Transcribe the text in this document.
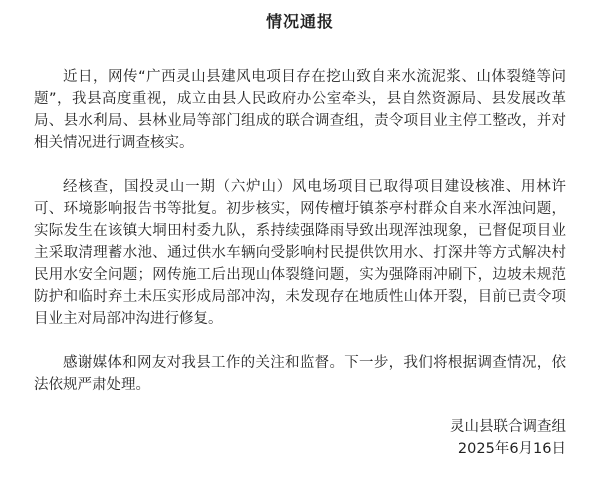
情况通报

近日，网传“广西灵山县建风电项目存在挖山致自来水流泥浆、山体裂缝等问题”，我县高度重视，成立由县人民政府办公室牵头，县自然资源局、县发展改革局、县水利局、县林业局等部门组成的联合调查组，责令项目业主停工整改，并对相关情况进行调查核实。

经核查，国投灵山一期（六炉山）风电场项目已取得项目建设核准、用林许可、环境影响报告书等批复。初步核实，网传檀圩镇茶亭村群众自来水浑浊问题，实际发生在该镇大垌田村委九队，系持续强降雨导致出现浑浊现象，已督促项目业主采取清理蓄水池、通过供水车辆向受影响村民提供饮用水、打深井等方式解决村民用水安全问题；网传施工后出现山体裂缝问题，实为强降雨冲刷下，边坡未规范防护和临时弃土未压实形成局部冲沟，未发现存在地质性山体开裂，目前已责令项目业主对局部冲沟进行修复。

感谢媒体和网友对我县工作的关注和监督。下一步，我们将根据调查情况，依法依规严肃处理。

灵山县联合调查组
2025年6月16日
